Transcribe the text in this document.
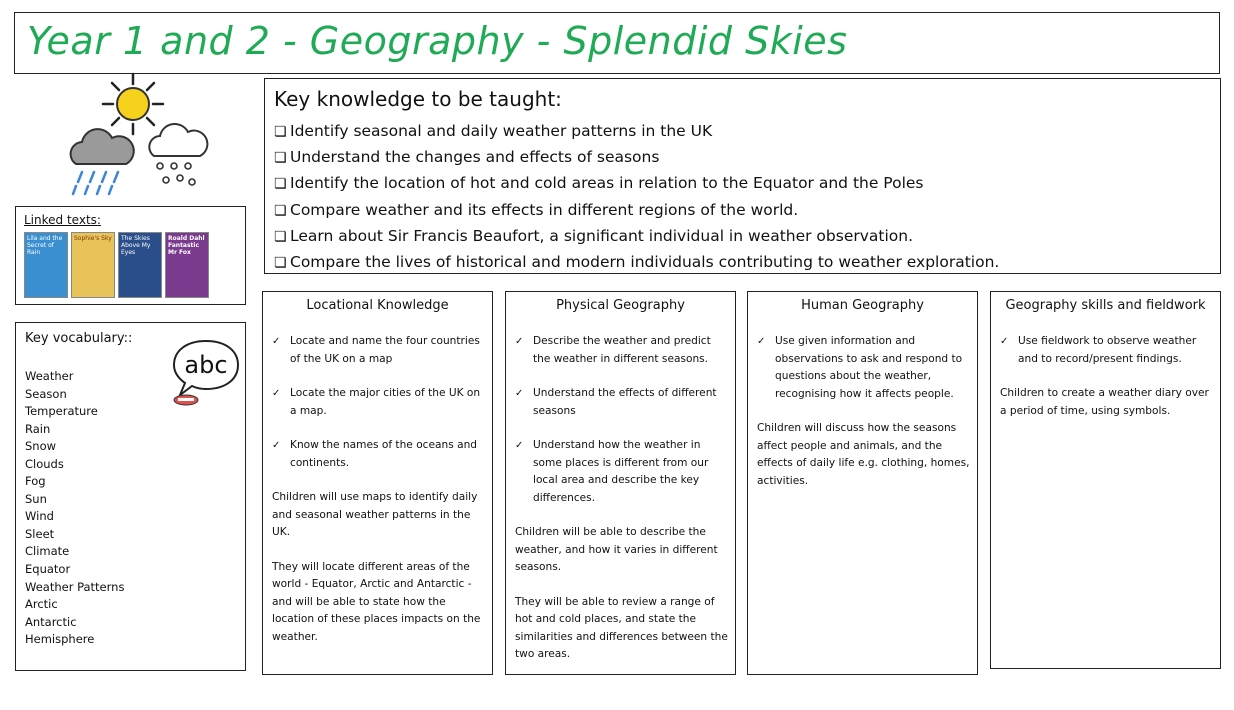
Year 1 and 2 - Geography - Splendid Skies
Linked texts:
Lila and the Secret of Rain
Sophie's Sky	The Skies Above My Eyes
Roald Dahl Fantastic Mr Fox
Key vocabulary::
abc
Weather
Season
Temperature
Rain
Snow
Clouds
Fog
Sun
Wind
Sleet
Climate
Equator
Weather Patterns
Arctic
Antarctic
Hemisphere
Key knowledge to be taught:
❏ Identify seasonal and daily weather patterns in the UK
❏ Understand the changes and effects of seasons
❏ Identify the location of hot and cold areas in relation to the Equator and the Poles
❏ Compare weather and its effects in different regions of the world.
❏ Learn about Sir Francis Beaufort, a significant individual in weather observation.
❏ Compare the lives of historical and modern individuals contributing to weather exploration.
Locational Knowledge
✓ Locate and name the four countries of the UK on a map
✓ Locate the major cities of the UK on a map.
✓ Know the names of the oceans and continents.

Children will use maps to identify daily and seasonal weather patterns in the UK.

They will locate different areas of the world - Equator, Arctic and Antarctic - and will be able to state how the location of these places impacts on the weather.

Physical Geography
✓ Describe the weather and predict the weather in different seasons.
✓ Understand the effects of different seasons
✓ Understand how the weather in some places is different from our local area and describe the key differences.

Children will be able to describe the weather, and how it varies in different seasons.

They will be able to review a range of hot and cold places, and state the similarities and differences between the two areas.

Human Geography
✓ Use given information and observations to ask and respond to questions about the weather, recognising how it affects people.

Children will discuss how the seasons affect people and animals, and the effects of daily life e.g. clothing, homes, activities.

Geography skills and fieldwork
✓ Use fieldwork to observe weather and to record/present findings.

Children to create a weather diary over a period of time, using symbols.
